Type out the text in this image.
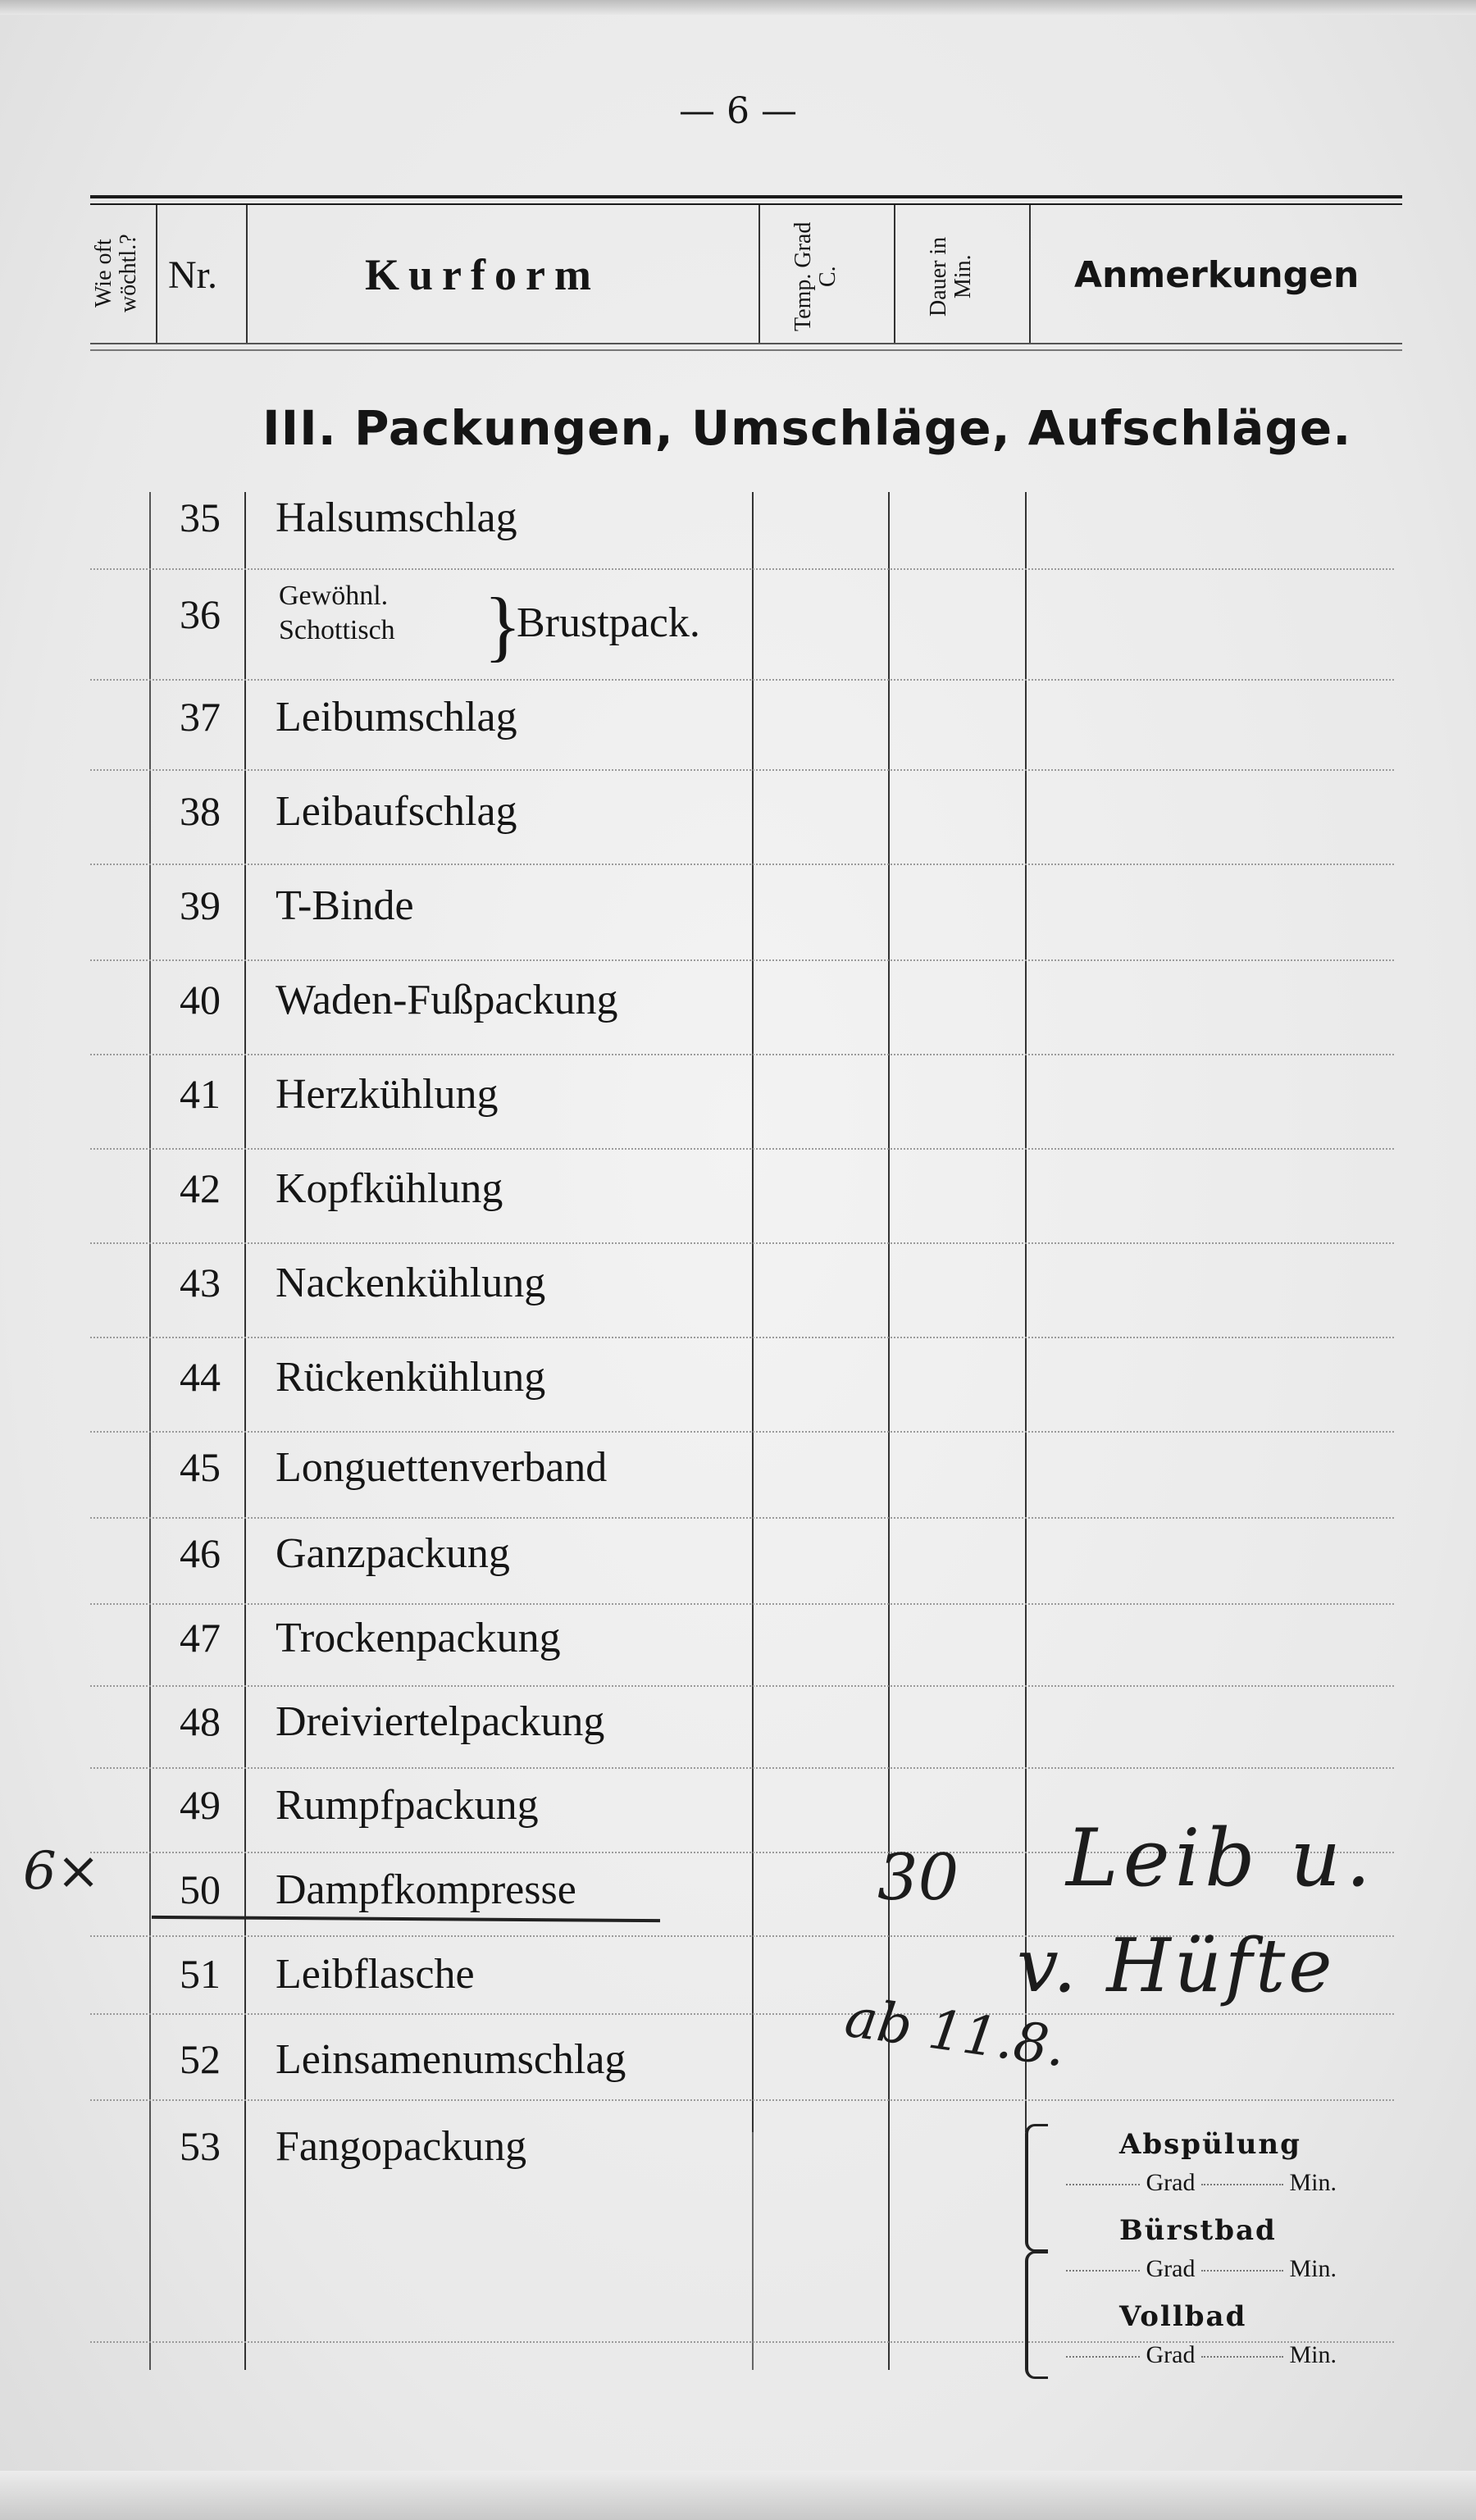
— 6 —
Wie oft wöchtl.? Nr.	Kurform	Temp. Grad C.	Dauer in Min.	Anmerkungen
III. Packungen, Umschläge, Aufschläge.
35	Halsumschlag
36	Gewöhnl.
Schottisch }
Brustpack.
37	Leibumschlag
38	Leibaufschlag
39	T-Binde
40	Waden-Fußpackung
41	Herzkühlung
42	Kopfkühlung
43	Nackenkühlung
44	Rückenkühlung
45	Longuettenverband
46	Ganzpackung
47	Trockenpackung
48	Dreiviertelpackung
49	Rumpfpackung
50	Dampfkompresse
51	Leibflasche
52	Leinsamenumschlag
53	Fangopackung
6×	30 Leib u.
v. Hüfte
ab 11.8.
Abspülung
Grad	Min.
Bürstbad
Grad	Min.
Vollbad
Grad	Min.
